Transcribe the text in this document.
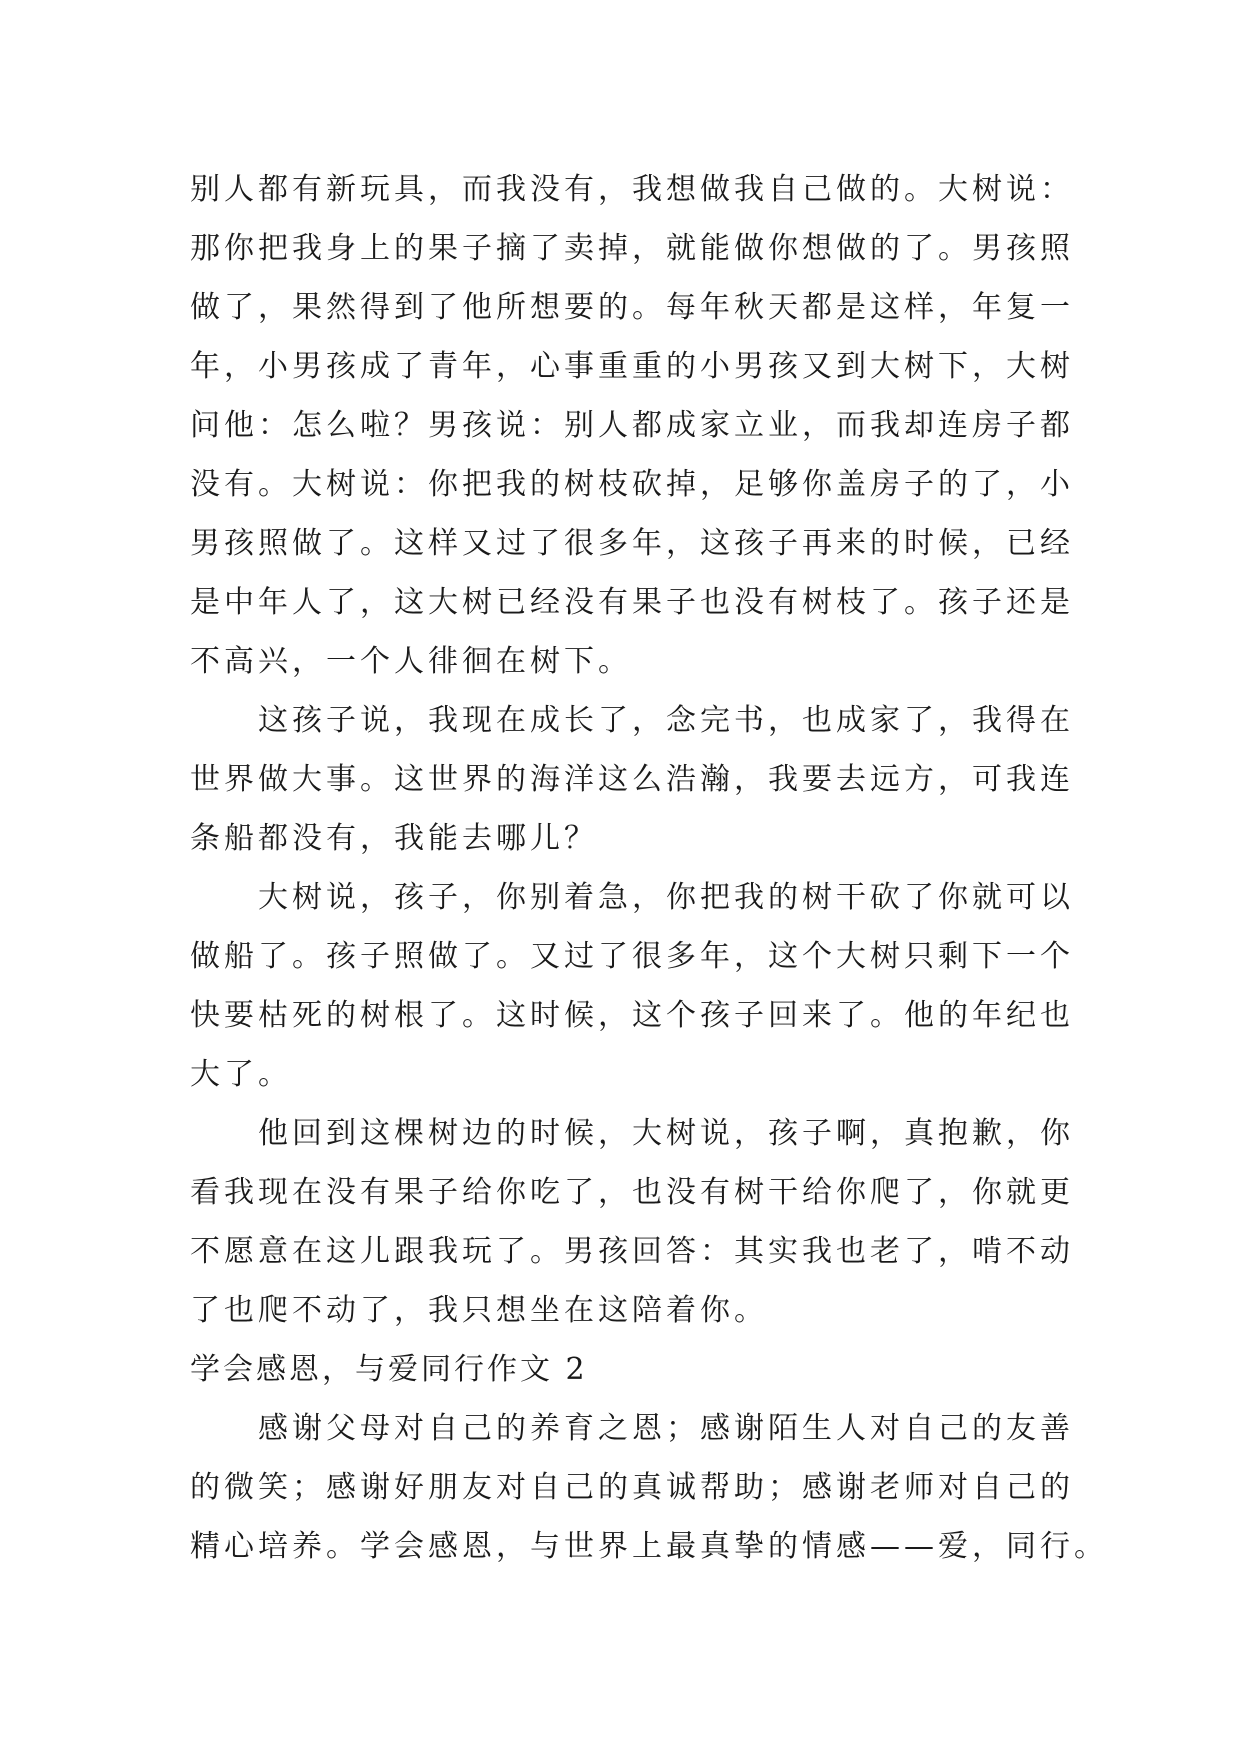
别人都有新玩具，而我没有，我想做我自己做的。大树说：
那你把我身上的果子摘了卖掉，就能做你想做的了。男孩照
做了，果然得到了他所想要的。每年秋天都是这样，年复一
年，小男孩成了青年，心事重重的小男孩又到大树下，大树
问他：怎么啦？男孩说：别人都成家立业，而我却连房子都
没有。大树说：你把我的树枝砍掉，足够你盖房子的了，小
男孩照做了。这样又过了很多年，这孩子再来的时候，已经
是中年人了，这大树已经没有果子也没有树枝了。孩子还是
不高兴，一个人徘徊在树下。
这孩子说，我现在成长了，念完书，也成家了，我得在
世界做大事。这世界的海洋这么浩瀚，我要去远方，可我连
条船都没有，我能去哪儿？
大树说，孩子，你别着急，你把我的树干砍了你就可以
做船了。孩子照做了。又过了很多年，这个大树只剩下一个
快要枯死的树根了。这时候，这个孩子回来了。他的年纪也
大了。
他回到这棵树边的时候，大树说，孩子啊，真抱歉，你
看我现在没有果子给你吃了，也没有树干给你爬了，你就更
不愿意在这儿跟我玩了。男孩回答：其实我也老了，啃不动
了也爬不动了，我只想坐在这陪着你。
学会感恩，与爱同行作文 2
感谢父母对自己的养育之恩；感谢陌生人对自己的友善
的微笑；感谢好朋友对自己的真诚帮助；感谢老师对自己的
精心培养。学会感恩，与世界上最真挚的情感——爱，同行。
